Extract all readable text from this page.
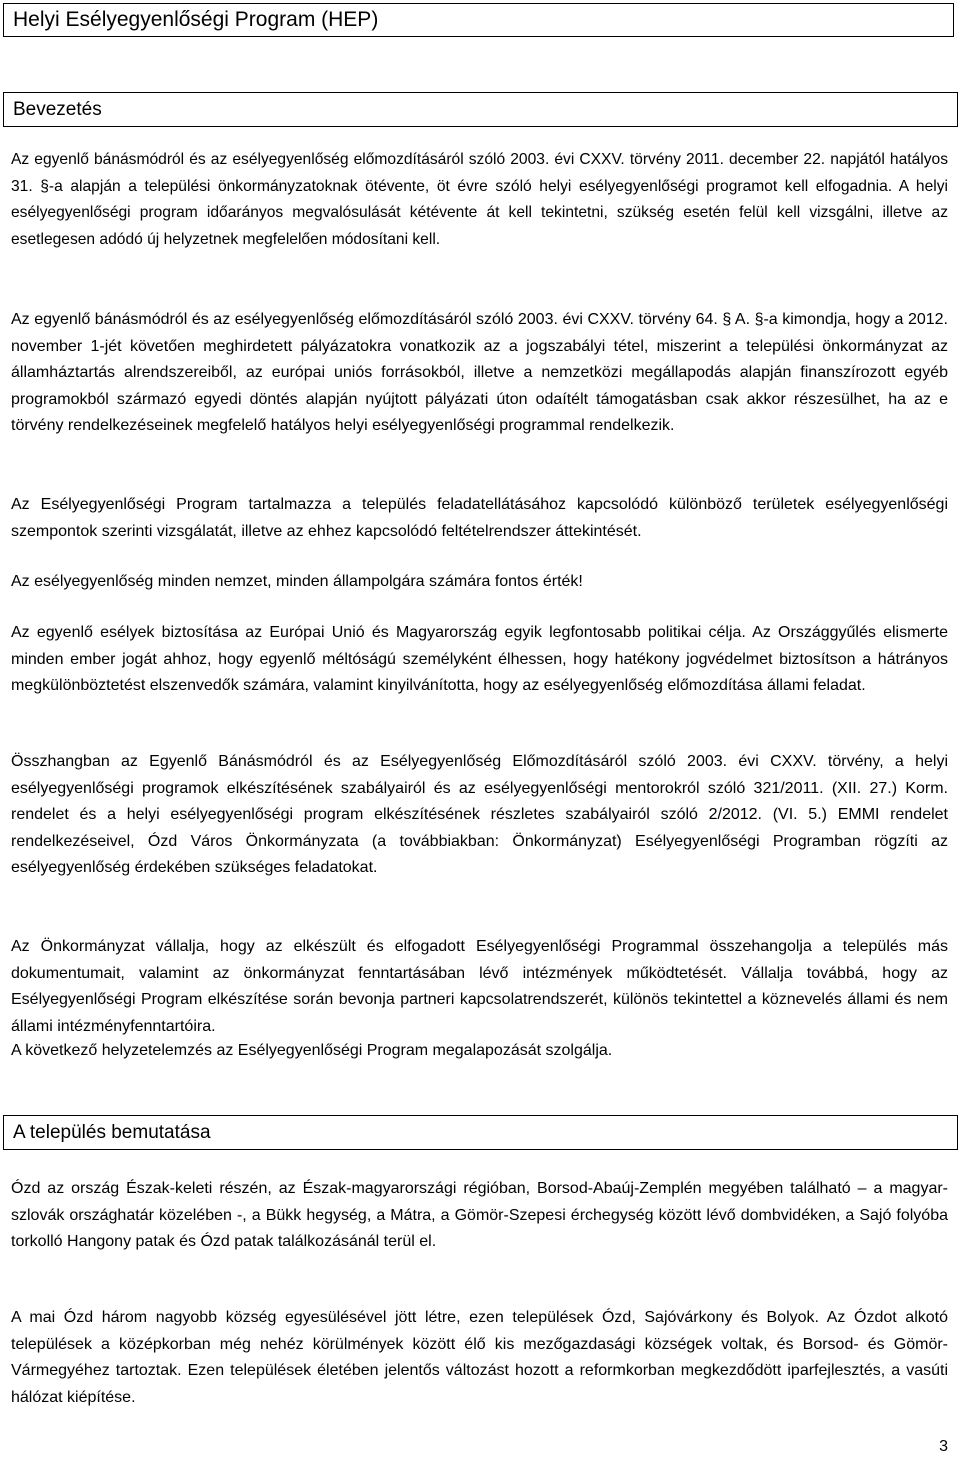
Helyi Esélyegyenlőségi Program (HEP)
Bevezetés

Az egyenlő bánásmódról és az esélyegyenlőség előmozdításáról szóló 2003. évi CXXV. törvény 2011. december 22. napjától hatályos 31. §-a alapján a települési önkormányzatoknak ötévente, öt évre szóló helyi esélyegyenlőségi programot kell elfogadnia. A helyi esélyegyenlőségi program időarányos megvalósulását kétévente át kell tekintetni, szükség esetén felül kell vizsgálni, illetve az esetlegesen adódó új helyzetnek megfelelően módosítani kell.

Az egyenlő bánásmódról és az esélyegyenlőség előmozdításáról szóló 2003. évi CXXV. törvény 64. § A. §-a kimondja, hogy a 2012. november 1-jét követően meghirdetett pályázatokra vonatkozik az a jogszabályi tétel, miszerint a települési önkormányzat az államháztartás alrendszereiből, az európai uniós forrásokból, illetve a nemzetközi megállapodás alapján finanszírozott egyéb programokból származó egyedi döntés alapján nyújtott pályázati úton odaítélt támogatásban csak akkor részesülhet, ha az e törvény rendelkezéseinek megfelelő hatályos helyi esélyegyenlőségi programmal rendelkezik.

Az Esélyegyenlőségi Program tartalmazza a település feladatellátásához kapcsolódó különböző területek esélyegyenlőségi szempontok szerinti vizsgálatát, illetve az ehhez kapcsolódó feltételrendszer áttekintését.

Az esélyegyenlőség minden nemzet, minden állampolgára számára fontos érték!

Az egyenlő esélyek biztosítása az Európai Unió és Magyarország egyik legfontosabb politikai célja. Az Országgyűlés elismerte minden ember jogát ahhoz, hogy egyenlő méltóságú személyként élhessen, hogy hatékony jogvédelmet biztosítson a hátrányos megkülönböztetést elszenvedők számára, valamint kinyilvánította, hogy az esélyegyenlőség előmozdítása állami feladat.

Összhangban az Egyenlő Bánásmódról és az Esélyegyenlőség Előmozdításáról szóló 2003. évi CXXV. törvény, a helyi esélyegyenlőségi programok elkészítésének szabályairól és az esélyegyenlőségi mentorokról szóló 321/2011. (XII. 27.) Korm. rendelet és a helyi esélyegyenlőségi program elkészítésének részletes szabályairól szóló 2/2012. (VI. 5.) EMMI rendelet rendelkezéseivel, Ózd Város Önkormányzata (a továbbiakban: Önkormányzat) Esélyegyenlőségi Programban rögzíti az esélyegyenlőség érdekében szükséges feladatokat.

Az Önkormányzat vállalja, hogy az elkészült és elfogadott Esélyegyenlőségi Programmal összehangolja a település más dokumentumait, valamint az önkormányzat fenntartásában lévő intézmények működtetését. Vállalja továbbá, hogy az Esélyegyenlőségi Program elkészítése során bevonja partneri kapcsolatrendszerét, különös tekintettel a köznevelés állami és nem állami intézményfenntartóira.

A következő helyzetelemzés az Esélyegyenlőségi Program megalapozását szolgálja.

A település bemutatása

Ózd az ország Észak-keleti részén, az Észak-magyarországi régióban, Borsod-Abaúj-Zemplén megyében található – a magyar-szlovák országhatár közelében -, a Bükk hegység, a Mátra, a Gömör-Szepesi érchegység között lévő dombvidéken, a Sajó folyóba torkolló Hangony patak és Ózd patak találkozásánál terül el.

A mai Ózd három nagyobb község egyesülésével jött létre, ezen települések Ózd, Sajóvárkony és Bolyok. Az Ózdot alkotó települések a középkorban még nehéz körülmények között élő kis mezőgazdasági községek voltak, és Borsod- és Gömör-Vármegyéhez tartoztak. Ezen települések életében jelentős változást hozott a reformkorban megkezdődött iparfejlesztés, a vasúti hálózat kiépítése.

3
